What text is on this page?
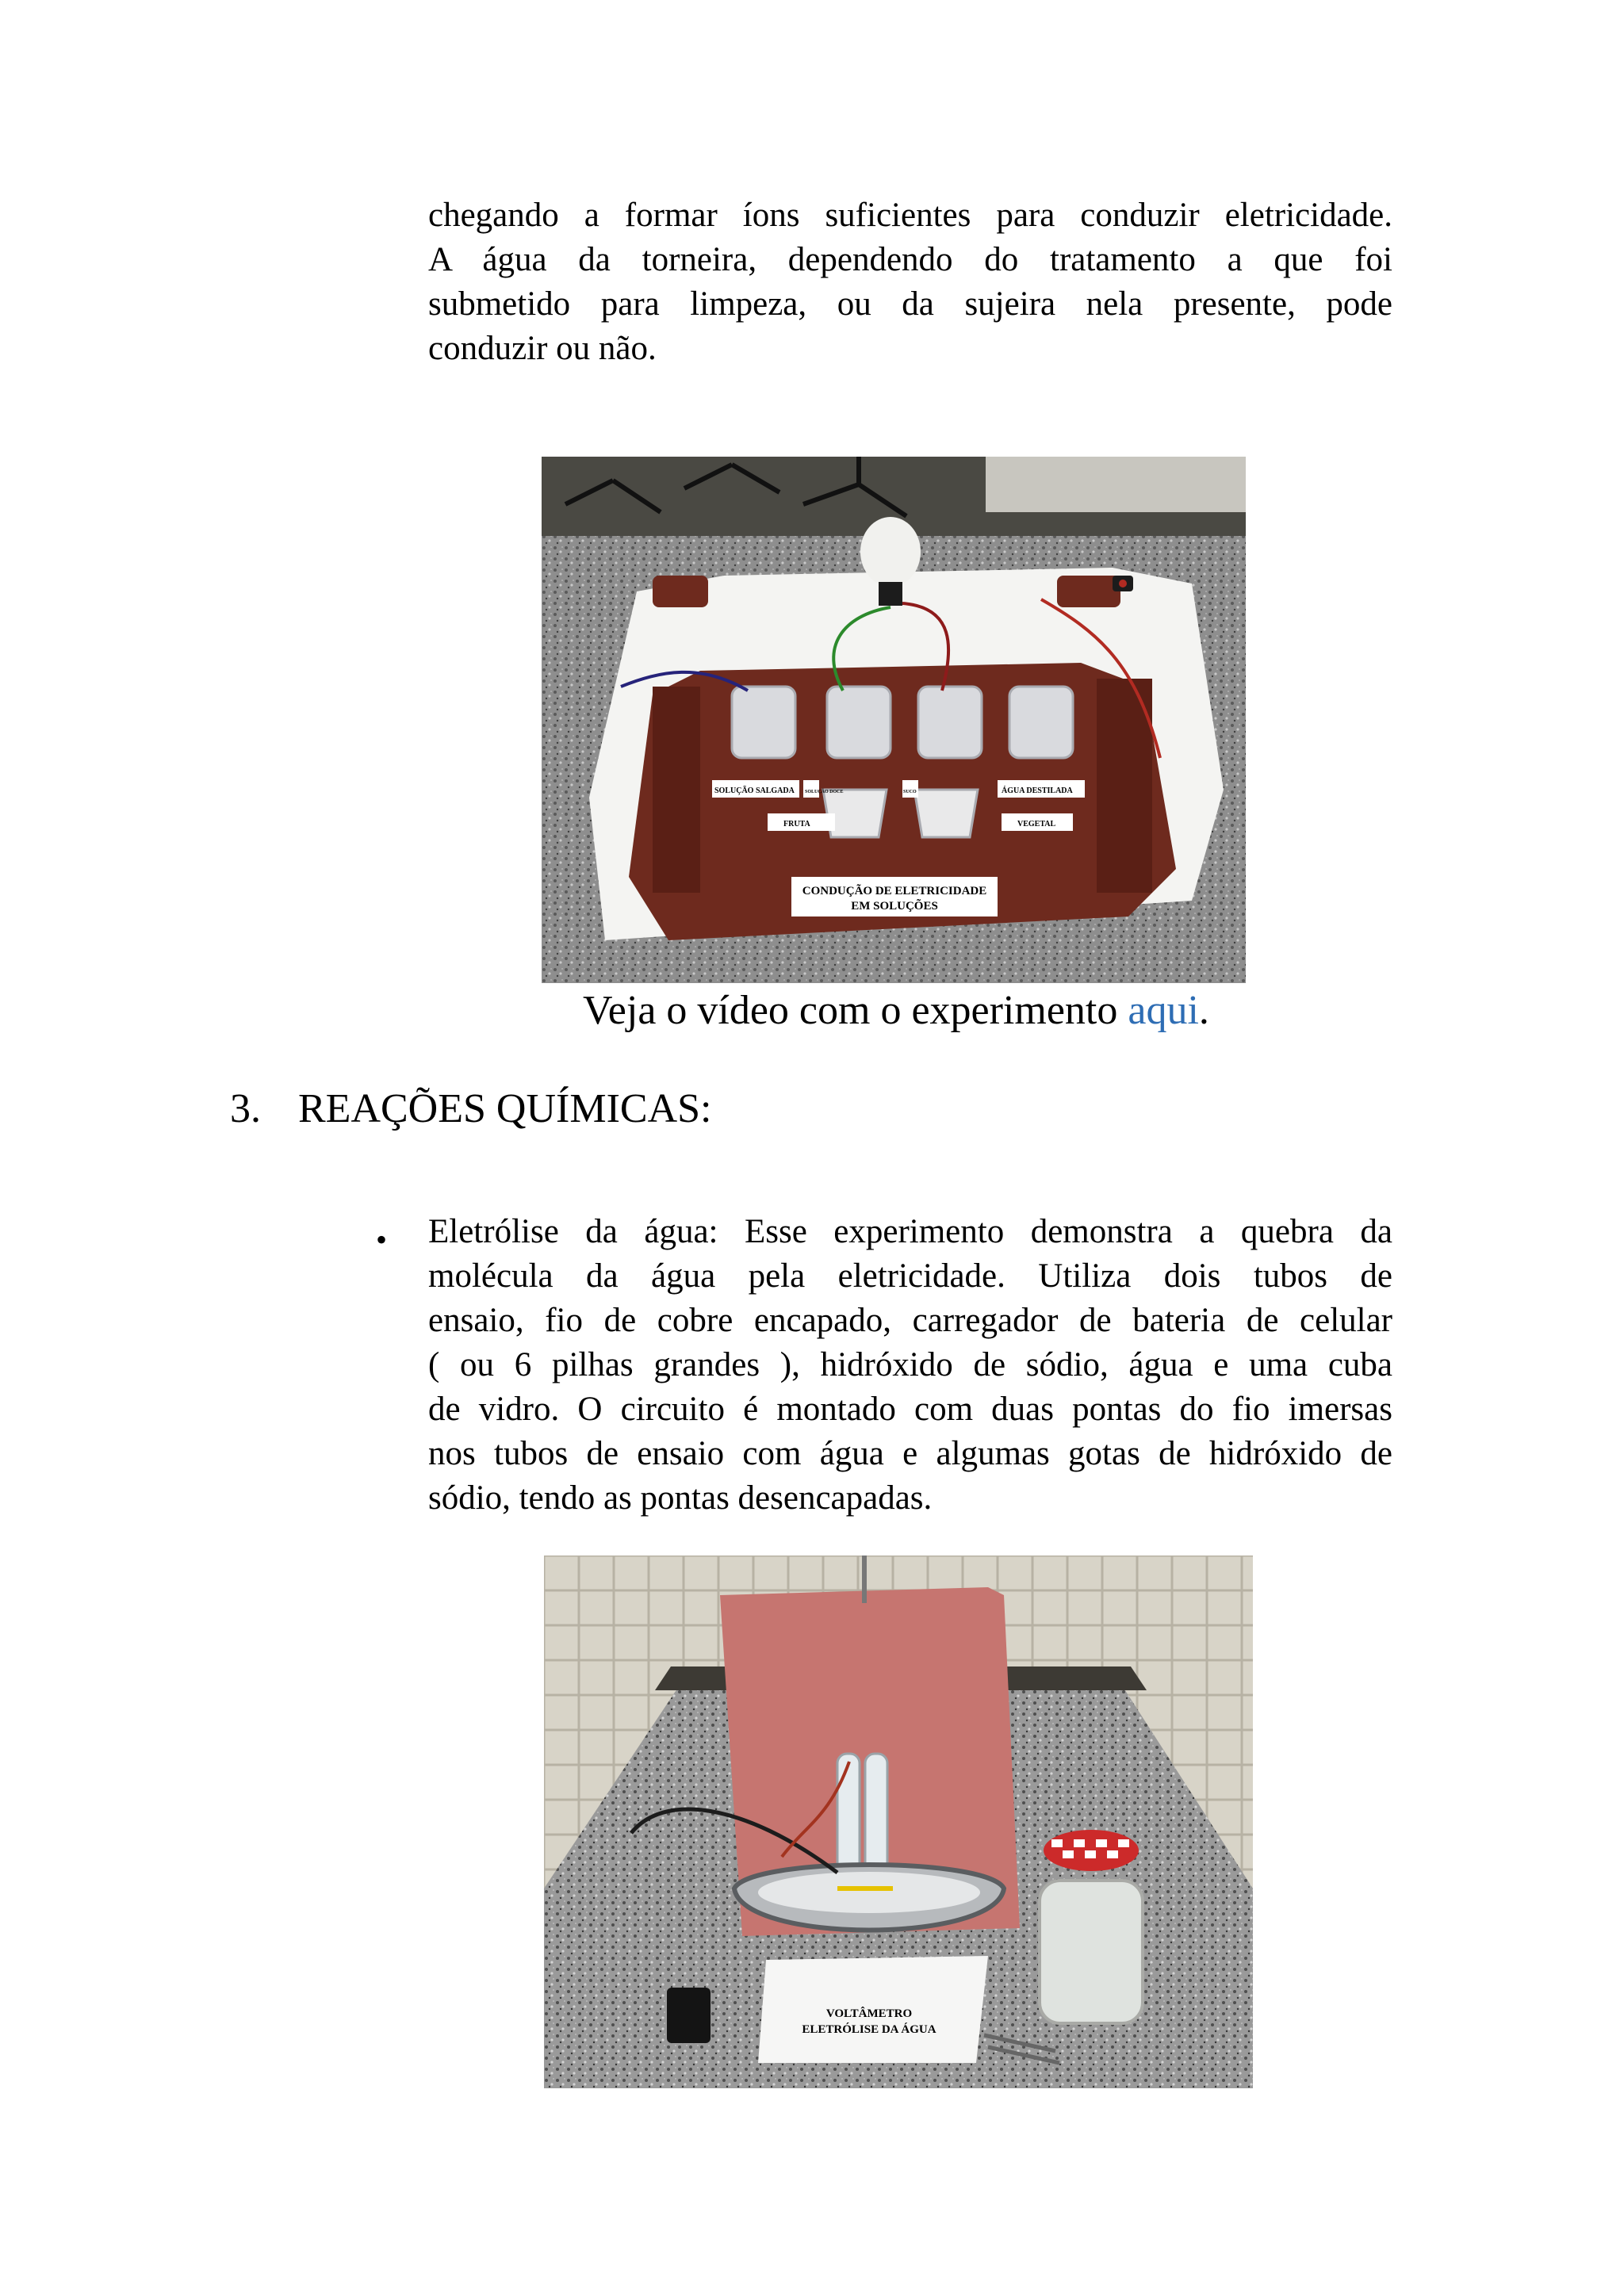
chegando a formar íons suficientes para conduzir eletricidade.
A água da torneira, dependendo do tratamento a que foi
submetido para limpeza, ou da sujeira nela presente, pode
conduzir ou não.
SOLUÇÃO SALGADA SOLUÇÃO DOCE	SUCO	ÁGUA DESTILADA
FRUTA	VEGETAL
CONDUÇÃO DE ELETRICIDADE
EM SOLUÇÕES
Veja o vídeo com o experimento aqui.
3. REAÇÕES QUÍMICAS:
• Eletrólise da água: Esse experimento demonstra a quebra da
molécula da água pela eletricidade. Utiliza dois tubos de
ensaio, fio de cobre encapado, carregador de bateria de celular
( ou 6 pilhas grandes ), hidróxido de sódio, água e uma cuba
de vidro. O circuito é montado com duas pontas do fio imersas
nos tubos de ensaio com água e algumas gotas de hidróxido de
sódio, tendo as pontas desencapadas.
VOLTÂMETRO
ELETRÓLISE DA ÁGUA
